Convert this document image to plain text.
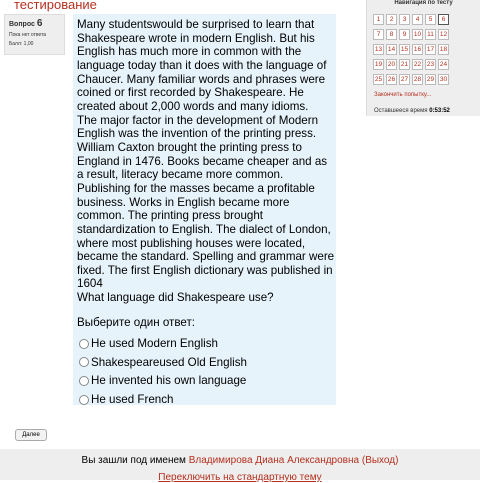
тестирование
Вопрос 6
Пока нет ответа
Балл: 1,00
Many studentswould be surprised to learn that Shakespeare wrote in modern English. But his English has much more in common with the language today than it does with the language of Chaucer. Many familiar words and phrases were coined or first recorded by Shakespeare. He created about 2,000 words and many idioms.
The major factor in the development of Modern English was the invention of the printing press. William Caxton brought the printing press to England in 1476. Books became cheaper and as a result, literacy became more common. Publishing for the masses became a profitable business. Works in English became more common. The printing press brought standardization to English. The dialect of London, where most publishing houses were located, became the standard. Spelling and grammar were fixed. The first English dictionary was published in 1604
What language did Shakespeare use?
Выберите один ответ:
He used Modern English
Shakespeareused Old English
He invented his own language
He used French
Навигация по тесту
1	2	3	4	5	6
7	8	9	10 11 12
13 14 15 16 17 18
19 20 21 22 23 24
25 26 27 28 29 30
Закончить попытку...
Оставшееся время 0:53:52
Далее
Вы зашли под именем Владимирова Диана Александровна (Выход)
Переключить на стандартную тему
